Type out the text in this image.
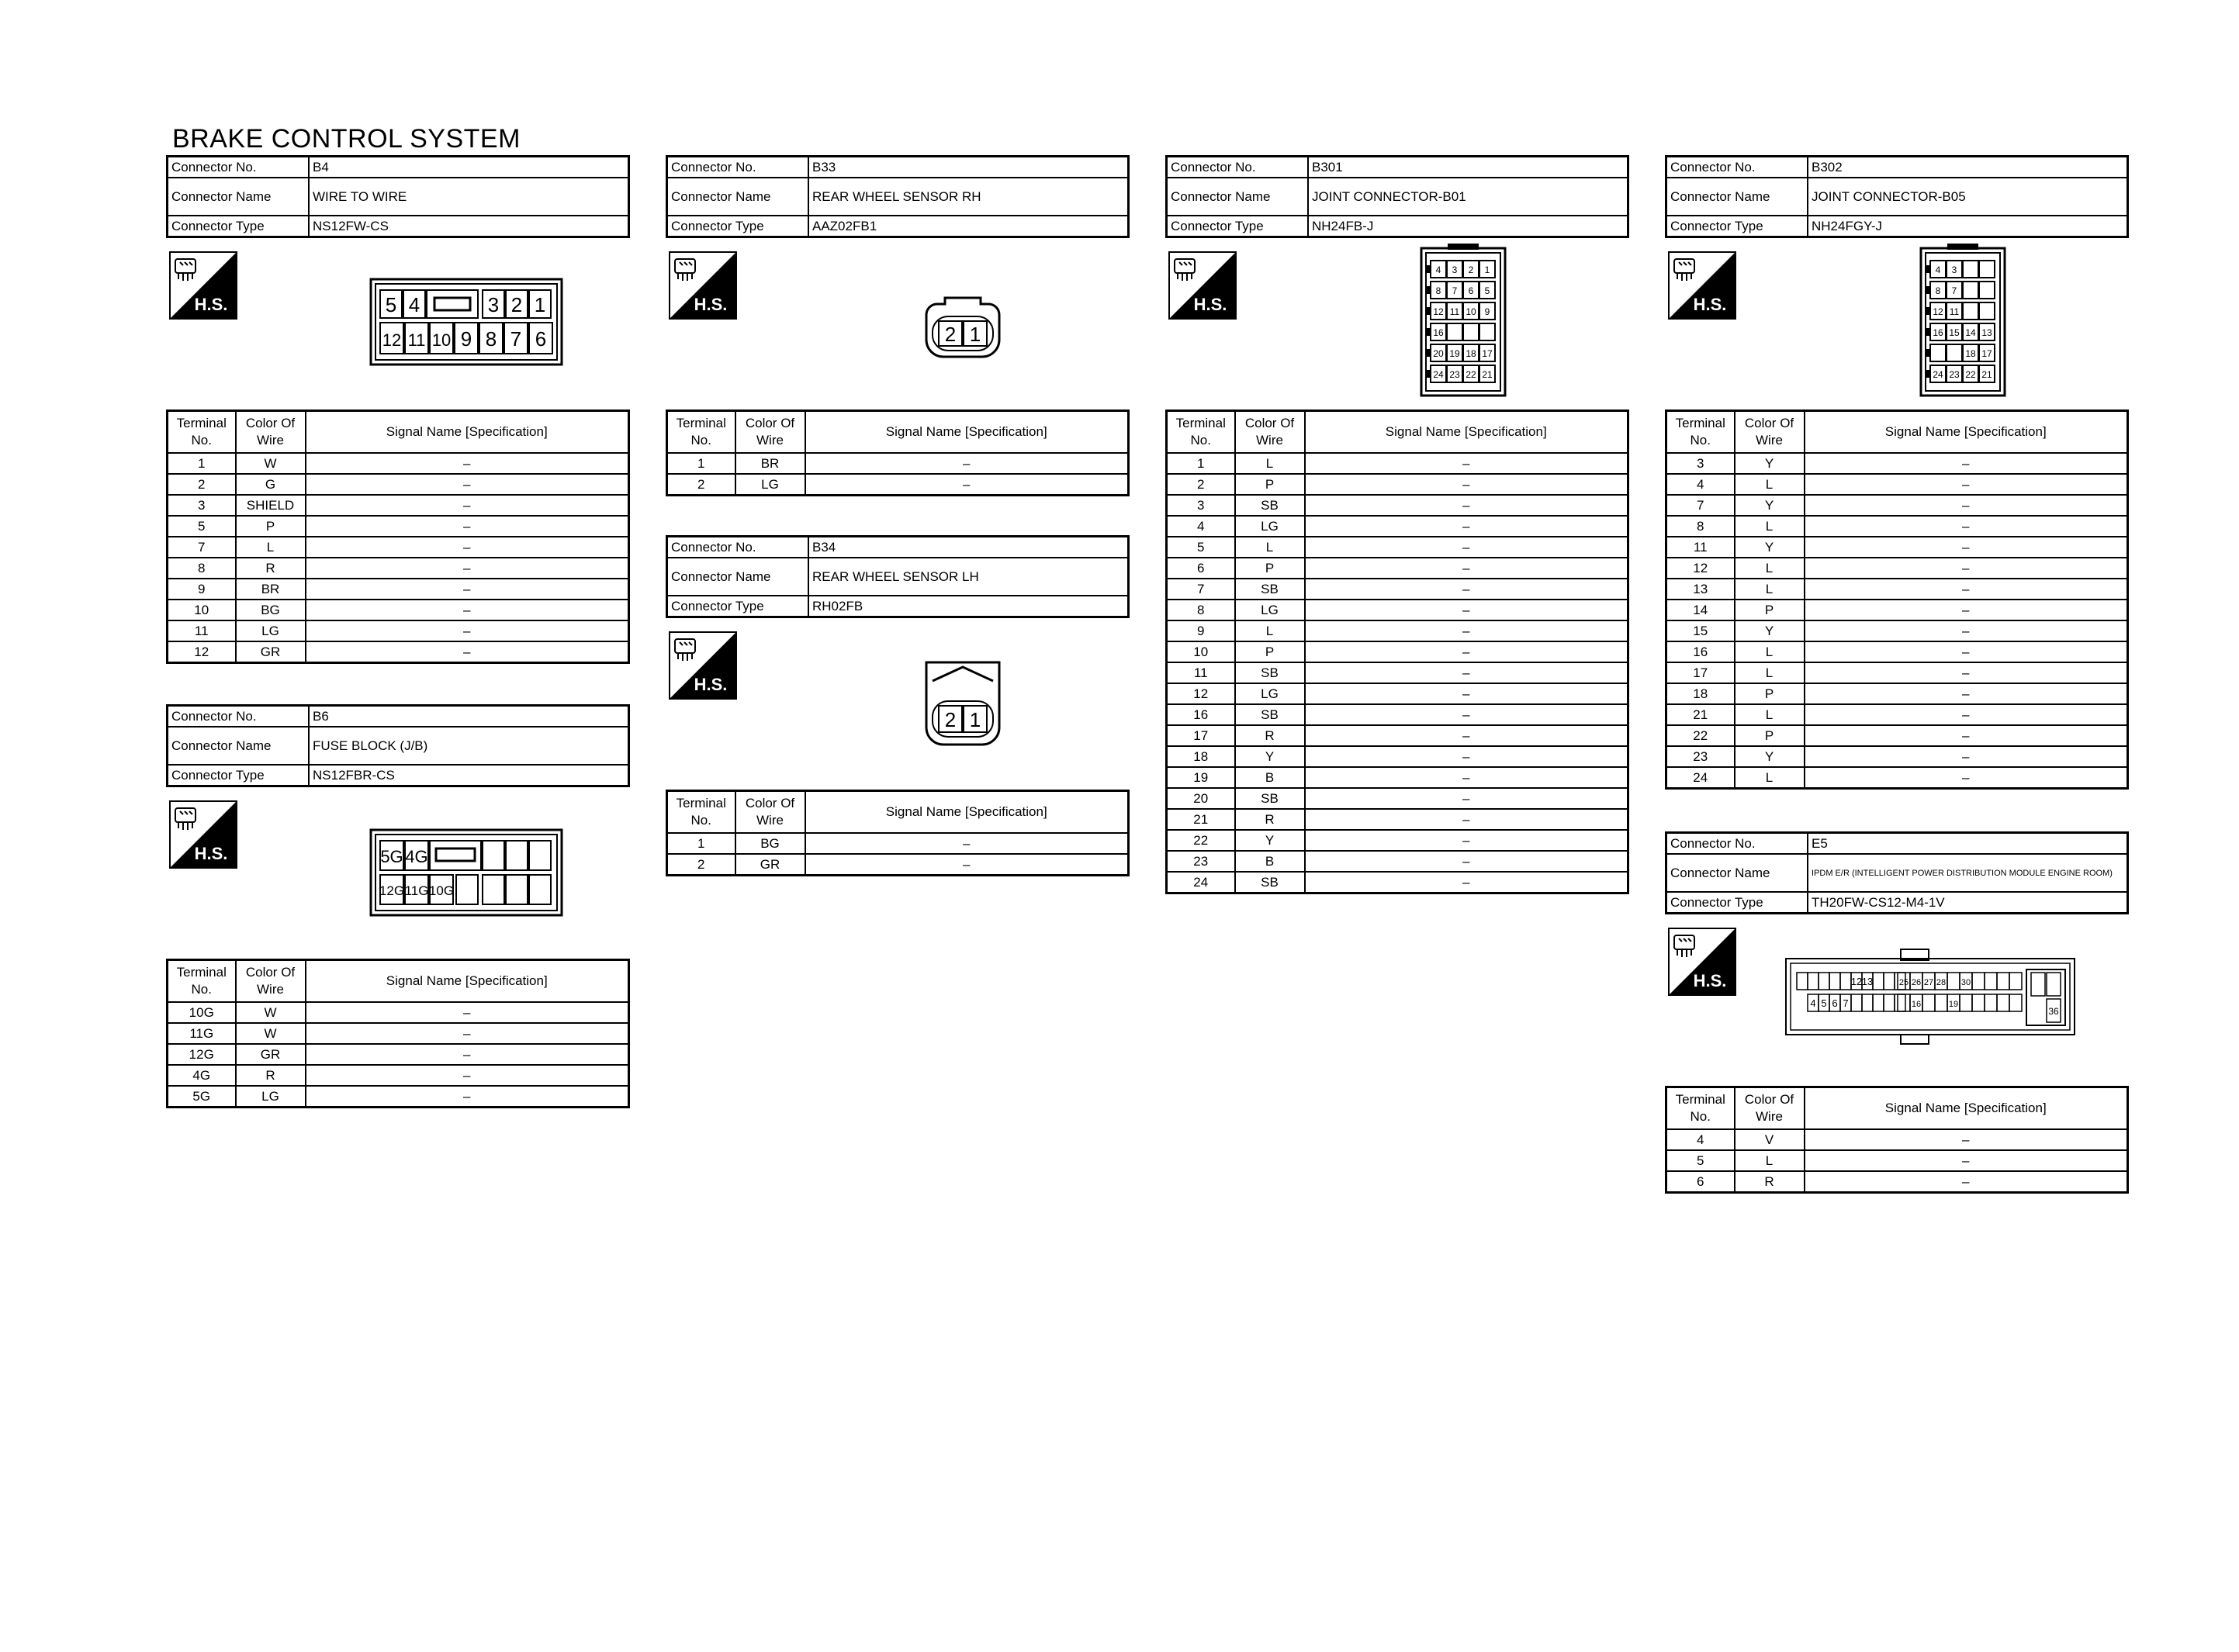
BRAKE CONTROL SYSTEM
Connector No.	B4
Connector Name	WIRE TO WIRE
Connector Type	NS12FW-CS
H.S.	5 4	3 2 1
12 11 10 9 8 7 6
Terminal No.	Color Of Wire	Signal Name [Specification]
1	W	–
2	G	–
3	SHIELD	–
5	P	–
7	L	–
8	R	–
9	BR	–
10	BG	–
11	LG	–
12	GR	–
Connector No.	B6
Connector Name	FUSE BLOCK (J/B)
Connector Type	NS12FBR-CS
H.S.	5G 4G
12G 11G 10G
Terminal No.	Color Of Wire	Signal Name [Specification]
10G	W	–
11G	W	–
12G	GR	–
4G	R	–
5G	LG	–
Connector No.	B33
Connector Name	REAR WHEEL SENSOR RH
Connector Type	AAZ02FB1
H.S.
2 1
Terminal No.	Color Of Wire	Signal Name [Specification]
1	BR	–
2	LG	–
Connector No.	B34
Connector Name	REAR WHEEL SENSOR LH
Connector Type	RH02FB
H.S.
2 1
Terminal No.	Color Of Wire	Signal Name [Specification]
1	BG	–
2	GR	–
Connector No.	B301
Connector Name	JOINT CONNECTOR-B01
Connector Type	NH24FB-J
H.S.
4 3 2 1
8 7 6 5
12 11 10 9
16
20 19 18 17
24 23 22 21
Terminal No.	Color Of Wire	Signal Name [Specification]
1	L	–
2	P	–
3	SB	–
4	LG	–
5	L	–
6	P	–
7	SB	–
8	LG	–
9	L	–
10	P	–
11	SB	–
12	LG	–
16	SB	–
17	R	–
18	Y	–
19	B	–
20	SB	–
21	R	–
22	Y	–
23	B	–
24	SB	–
Connector No.	B302
Connector Name	JOINT CONNECTOR-B05
Connector Type	NH24FGY-J
H.S.
4 3
8 7
12 11
16 15 14 13
18 17
24 23 22 21
Terminal No.	Color Of Wire	Signal Name [Specification]
3	Y	–
4	L	–
7	Y	–
8	L	–
11	Y	–
12	L	–
13	L	–
14	P	–
15	Y	–
16	L	–
17	L	–
18	P	–
21	L	–
22	P	–
23	Y	–
24	L	–
Connector No.	E5
Connector Name	IPDM E/R (INTELLIGENT POWER DISTRIBUTION MODULE ENGINE ROOM)
Connector Type	TH20FW-CS12-M4-1V
H.S.	12 13
4 5 6 7
25 26 27 28 30
16	19
36
Terminal No.	Color Of Wire	Signal Name [Specification]
4	V	–
5	L	–
6	R	–
